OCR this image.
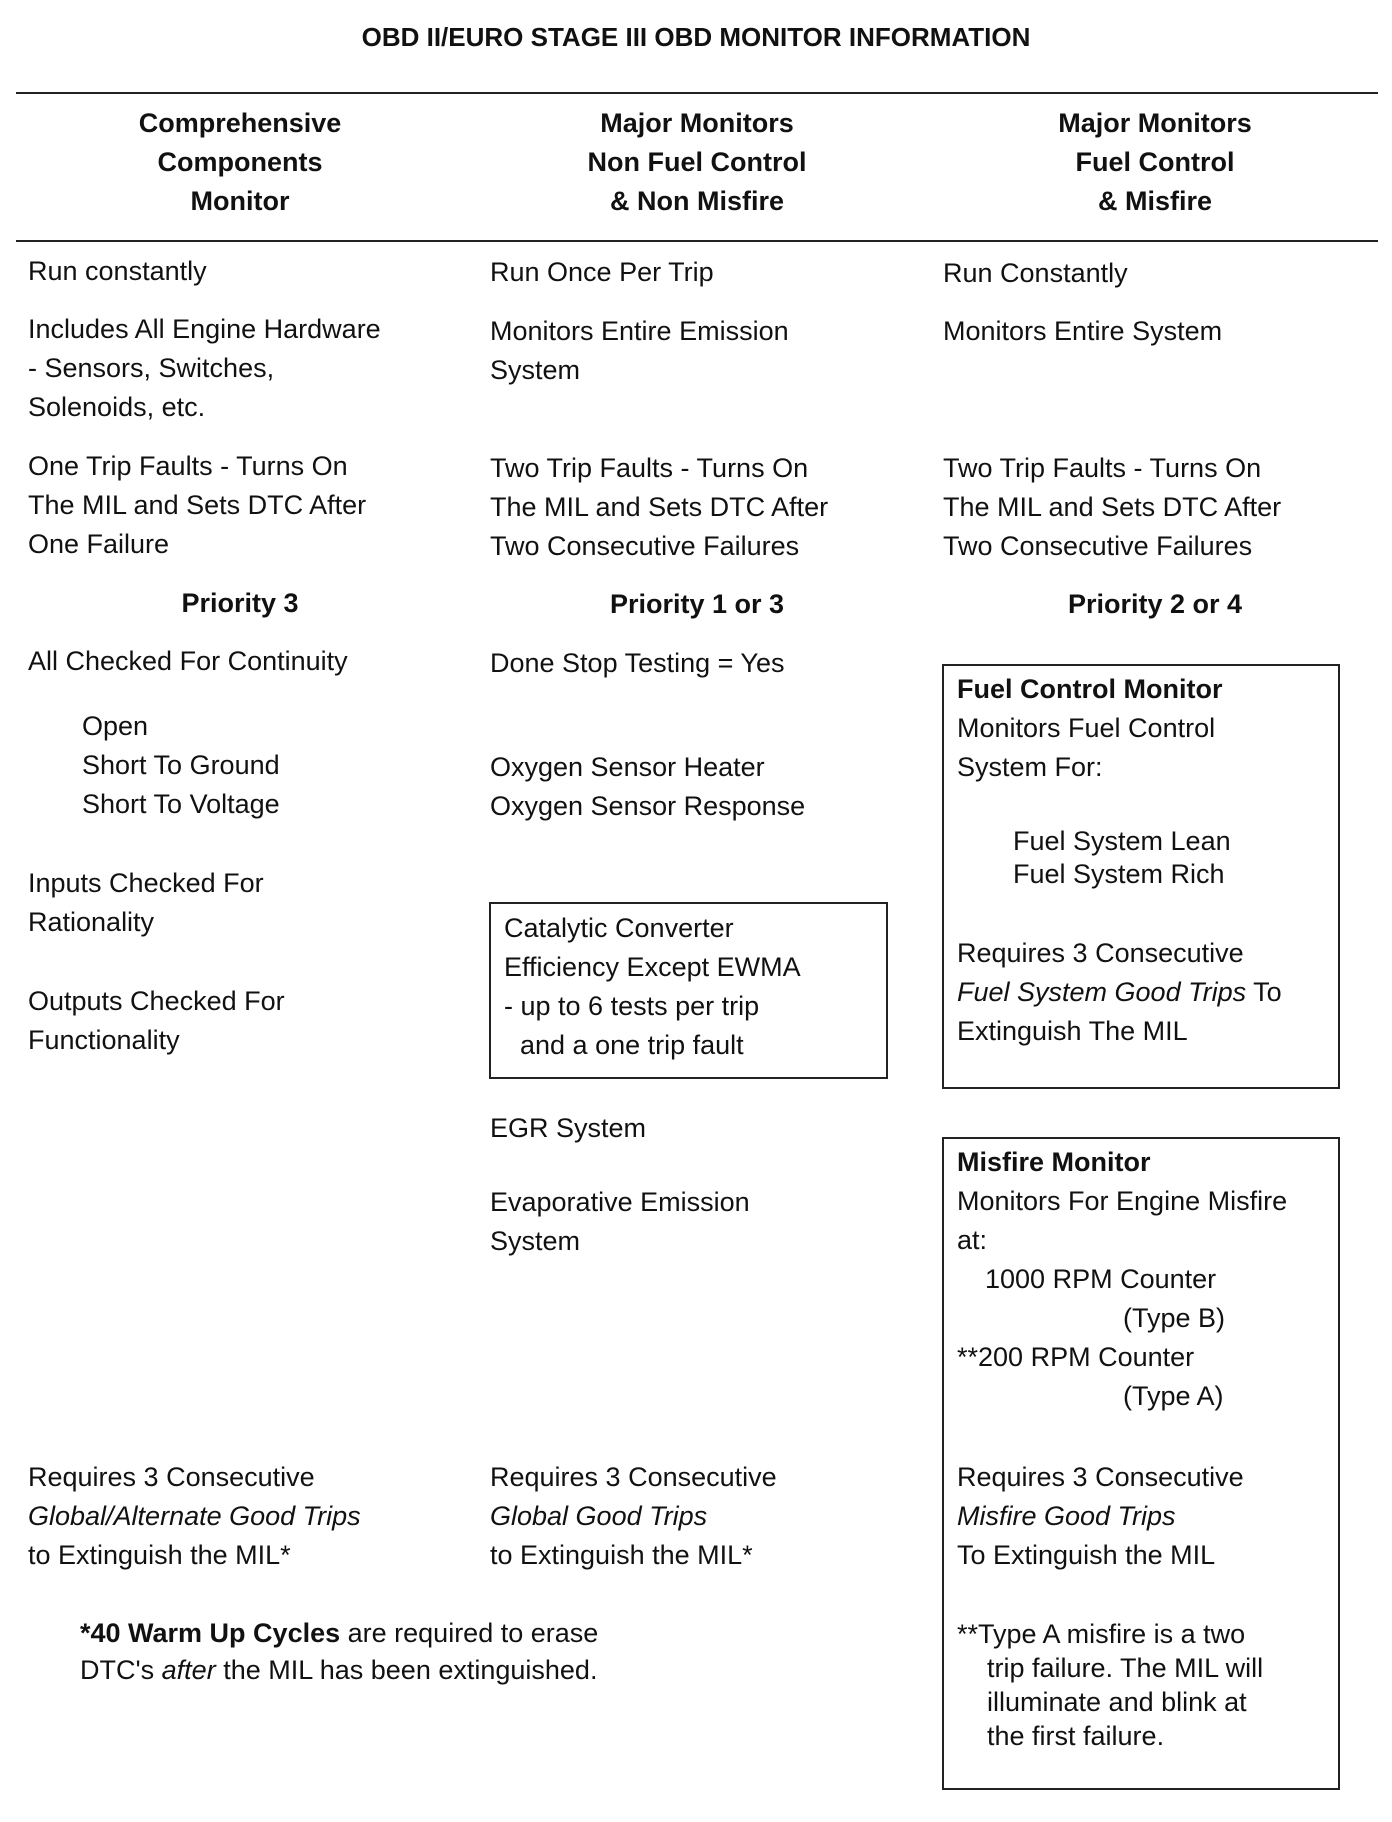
OBD II/EURO STAGE III OBD MONITOR INFORMATION
Comprehensive
Components
Monitor
Major Monitors
Non Fuel Control
& Non Misfire
Major Monitors
Fuel Control
& Misfire
Run constantly
Includes All Engine Hardware
- Sensors, Switches,
Solenoids, etc.
One Trip Faults - Turns On
The MIL and Sets DTC After
One Failure
Priority 3
All Checked For Continuity
Open
Short To Ground
Short To Voltage
Inputs Checked For
Rationality
Outputs Checked For
Functionality
Requires 3 Consecutive
Global/Alternate Good Trips
to Extinguish the MIL*
Run Once Per Trip
Monitors Entire Emission
System
Two Trip Faults - Turns On
The MIL and Sets DTC After
Two Consecutive Failures
Priority 1 or 3
Done Stop Testing = Yes
Oxygen Sensor Heater
Oxygen Sensor Response
Catalytic Converter
Efficiency Except EWMA
- up to 6 tests per trip
and a one trip fault
EGR System
Evaporative Emission
System
Requires 3 Consecutive
Global Good Trips
to Extinguish the MIL*
Run Constantly
Monitors Entire System
Two Trip Faults - Turns On
The MIL and Sets DTC After
Two Consecutive Failures
Priority 2 or 4
Fuel Control Monitor
Monitors Fuel Control
System For:
Fuel System Lean
Fuel System Rich
Requires 3 Consecutive
Fuel System Good Trips To
Extinguish The MIL
Misfire Monitor
Monitors For Engine Misfire
at:
1000 RPM Counter
(Type B)
**200 RPM Counter
(Type A)
Requires 3 Consecutive
Misfire Good Trips
To Extinguish the MIL
**Type A misfire is a two
trip failure. The MIL will
illuminate and blink at
the first failure.
*40 Warm Up Cycles are required to erase
DTC's after the MIL has been extinguished.
